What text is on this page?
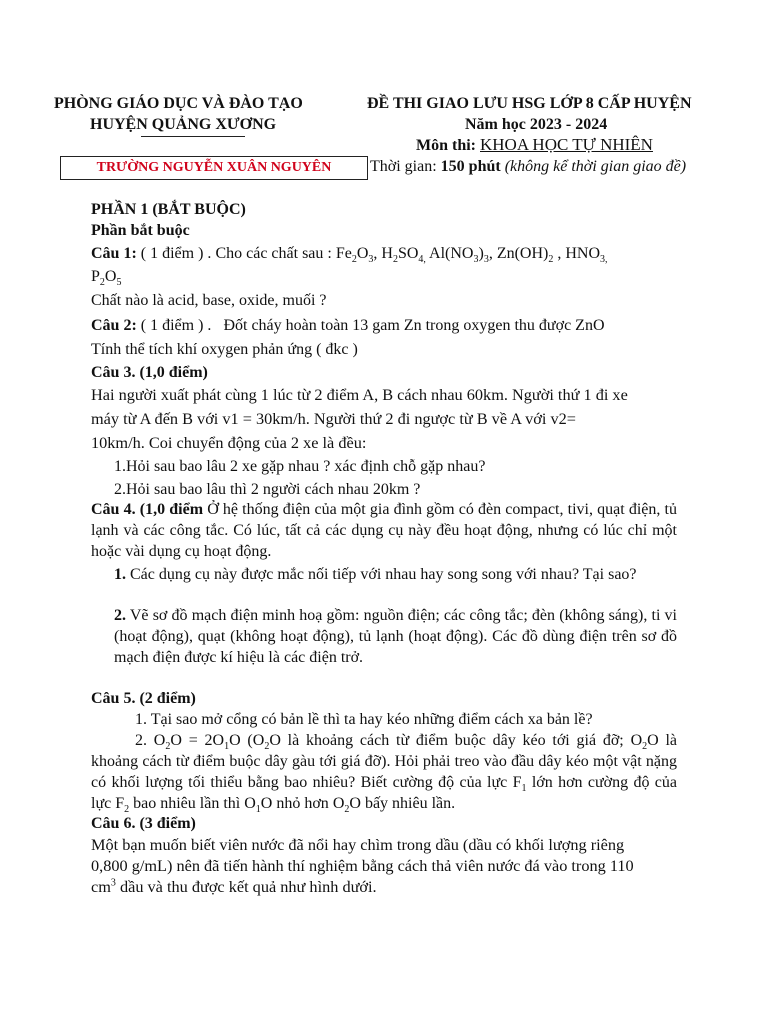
PHÒNG GIÁO DỤC VÀ ĐÀO TẠO
HUYỆN QUẢNG XƯƠNG
TRƯỜNG NGUYỄN XUÂN NGUYÊN
ĐỀ THI GIAO LƯU HSG LỚP 8 CẤP HUYỆN
Năm học 2023 - 2024
Môn thi: KHOA HỌC TỰ NHIÊN
Thời gian: 150 phút (không kể thời gian giao đề)
PHẦN 1 (BẮT BUỘC)
Phần bắt buộc
Câu 1: ( 1 điểm ) . Cho các chất sau : $Fe_2O_3$, $H_2SO_{4,}$ $Al(NO_3)_3$, $Zn(OH)_2$ , $HNO_{3,}$
$P_2O_5$
Chất nào là acid, base, oxide, muối ?
Câu 2: ( 1 điểm ) . Đốt cháy hoàn toàn 13 gam Zn trong oxygen thu được ZnO
Tính thể tích khí oxygen phản ứng ( đkc )
Câu 3. (1,0 điểm)
Hai người xuất phát cùng 1 lúc từ 2 điểm A, B cách nhau 60km. Người thứ 1 đi xe
máy từ A đến B với v1 = 30km/h. Người thứ 2 đi ngược từ B về A với v2=
10km/h. Coi chuyển động của 2 xe là đều:
1.Hỏi sau bao lâu 2 xe gặp nhau ? xác định chỗ gặp nhau?
2.Hỏi sau bao lâu thì 2 người cách nhau 20km ?
Câu 4. (1,0 điểm Ở hệ thống điện của một gia đình gồm có đèn compact, tivi, quạt điện, tủ lạnh và các công tắc. Có lúc, tất cả các dụng cụ này đều hoạt động, nhưng có lúc chỉ một hoặc vài dụng cụ hoạt động.
1. Các dụng cụ này được mắc nối tiếp với nhau hay song song với nhau? Tại sao?
2. Vẽ sơ đồ mạch điện minh hoạ gồm: nguồn điện; các công tắc; đèn (không sáng), ti vi (hoạt động), quạt (không hoạt động), tủ lạnh (hoạt động). Các đồ dùng điện trên sơ đồ mạch điện được kí hiệu là các điện trở.
Câu 5. (2 điểm)
1. Tại sao mở cổng có bản lề thì ta hay kéo những điểm cách xa bản lề?
2. $O_2O = 2O_1O$ ($O_2O$ là khoảng cách từ điểm buộc dây kéo tới giá đỡ; $O_2O$ là khoảng cách từ điểm buộc dây gàu tới giá đỡ). Hỏi phải treo vào đầu dây kéo một vật nặng có khối lượng tối thiểu bằng bao nhiêu? Biết cường độ của lực $F_1$ lớn hơn cường độ của lực $F_2$ bao nhiêu lần thì $O_1O$ nhỏ hơn $O_2O$ bấy nhiêu lần.
Câu 6. (3 điểm)
Một bạn muốn biết viên nước đã nổi hay chìm trong dầu (dầu có khối lượng riêng
0,800 g/mL) nên đã tiến hành thí nghiệm bằng cách thả viên nước đá vào trong 110
$cm^3$ dầu và thu được kết quả như hình dưới.
